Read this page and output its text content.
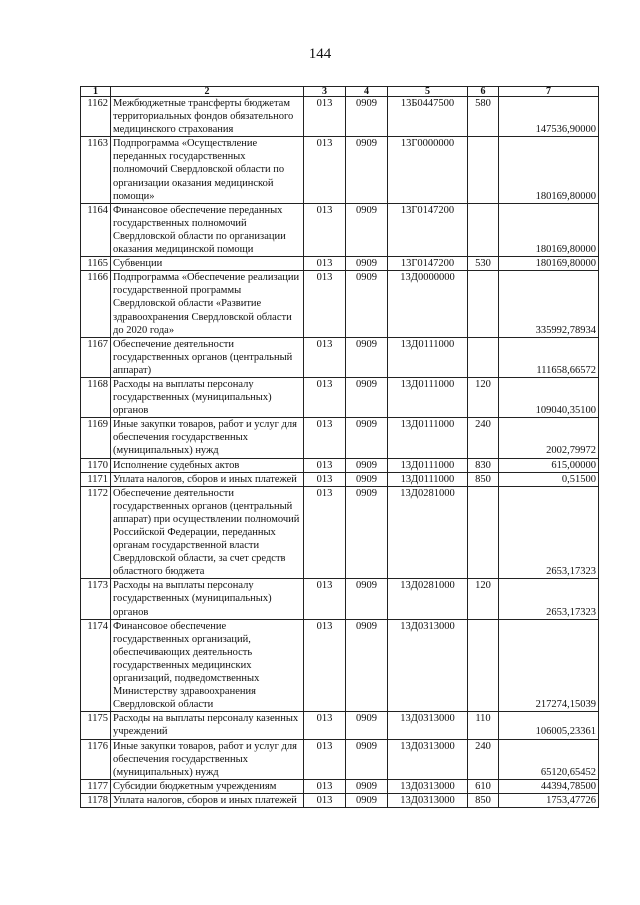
144
1	2	3	4	5	6	7
1162	Межбюджетные трансферты бюджетам территориальных фондов обязательного медицинского страхования	013	0909	13Б0447500	580	147536,90000
1163	Подпрограмма «Осуществление переданных государственных полномочий Свердловской области по организации оказания медицинской помощи»	013	0909	13Г0000000		180169,80000
1164	Финансовое обеспечение переданных государственных полномочий Свердловской области по организации оказания медицинской помощи	013	0909	13Г0147200		180169,80000
1165	Субвенции	013	0909	13Г0147200	530	180169,80000
1166	Подпрограмма «Обеспечение реализации государственной программы Свердловской области «Развитие здравоохранения Свердловской области до 2020 года»	013	0909	13Д0000000		335992,78934
1167	Обеспечение деятельности государственных органов (центральный аппарат)	013	0909	13Д0111000		111658,66572
1168	Расходы на выплаты персоналу государственных (муниципальных) органов	013	0909	13Д0111000	120	109040,35100
1169	Иные закупки товаров, работ и услуг для обеспечения государственных (муниципальных) нужд	013	0909	13Д0111000	240	2002,79972
1170	Исполнение судебных актов	013	0909	13Д0111000	830	615,00000
1171	Уплата налогов, сборов и иных платежей	013	0909	13Д0111000	850	0,51500
1172	Обеспечение деятельности государственных органов (центральный аппарат) при осуществлении полномочий Российской Федерации, переданных органам государственной власти Свердловской области, за счет средств областного бюджета	013	0909	13Д0281000		2653,17323
1173	Расходы на выплаты персоналу государственных (муниципальных) органов	013	0909	13Д0281000	120	2653,17323
1174	Финансовое обеспечение государственных организаций, обеспечивающих деятельность государственных медицинских организаций, подведомственных Министерству здравоохранения Свердловской области	013	0909	13Д0313000		217274,15039
1175	Расходы на выплаты персоналу казенных учреждений	013	0909	13Д0313000	110	106005,23361
1176	Иные закупки товаров, работ и услуг для обеспечения государственных (муниципальных) нужд	013	0909	13Д0313000	240	65120,65452
1177	Субсидии бюджетным учреждениям	013	0909	13Д0313000	610	44394,78500
1178	Уплата налогов, сборов и иных платежей	013	0909	13Д0313000	850	1753,47726
